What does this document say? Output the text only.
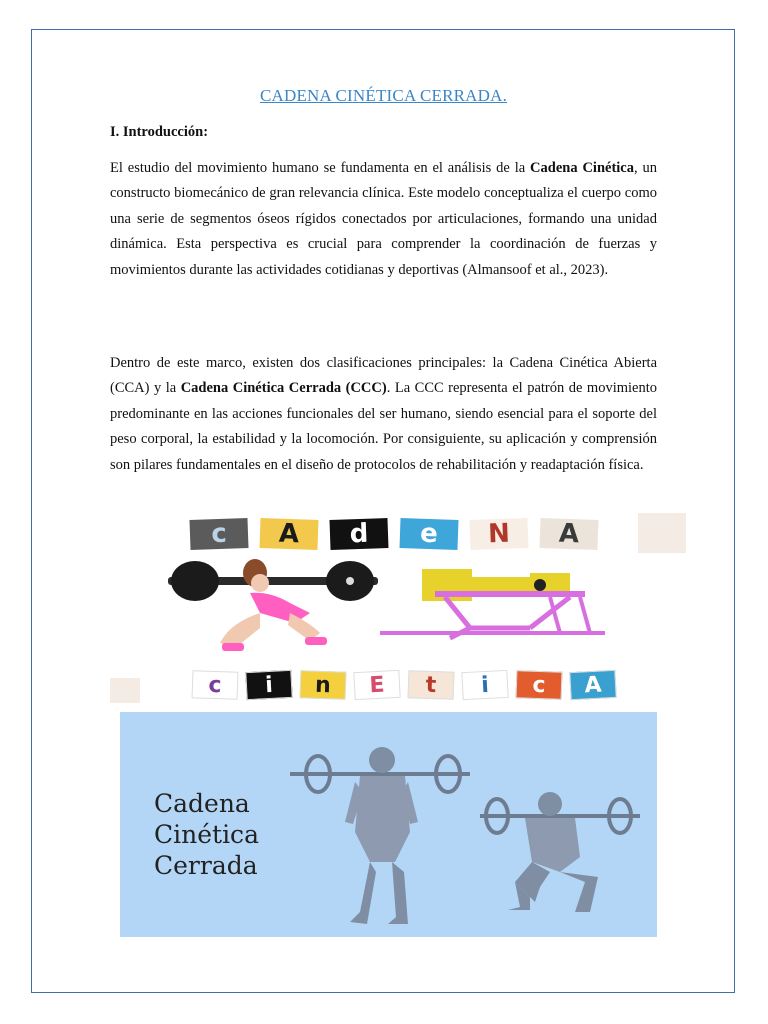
CADENA CINÉTICA CERRADA.
I. Introducción:

El estudio del movimiento humano se fundamenta en el análisis de la Cadena Cinética, un constructo biomecánico de gran relevancia clínica. Este modelo conceptualiza el cuerpo como una serie de segmentos óseos rígidos conectados por articulaciones, formando una unidad dinámica. Esta perspectiva es crucial para comprender la coordinación de fuerzas y movimientos durante las actividades cotidianas y deportivas (Almansoof et al., 2023).

Dentro de este marco, existen dos clasificaciones principales: la Cadena Cinética Abierta (CCA) y la Cadena Cinética Cerrada (CCC). La CCC representa el patrón de movimiento predominante en las acciones funcionales del ser humano, siendo esencial para el soporte del peso corporal, la estabilidad y la locomoción. Por consiguiente, su aplicación y comprensión son pilares fundamentales en el diseño de protocolos de rehabilitación y readaptación física.

c	A	d	e	N	A
c	i	n	E	t	i	c	A
Cadena
Cinética
Cerrada
